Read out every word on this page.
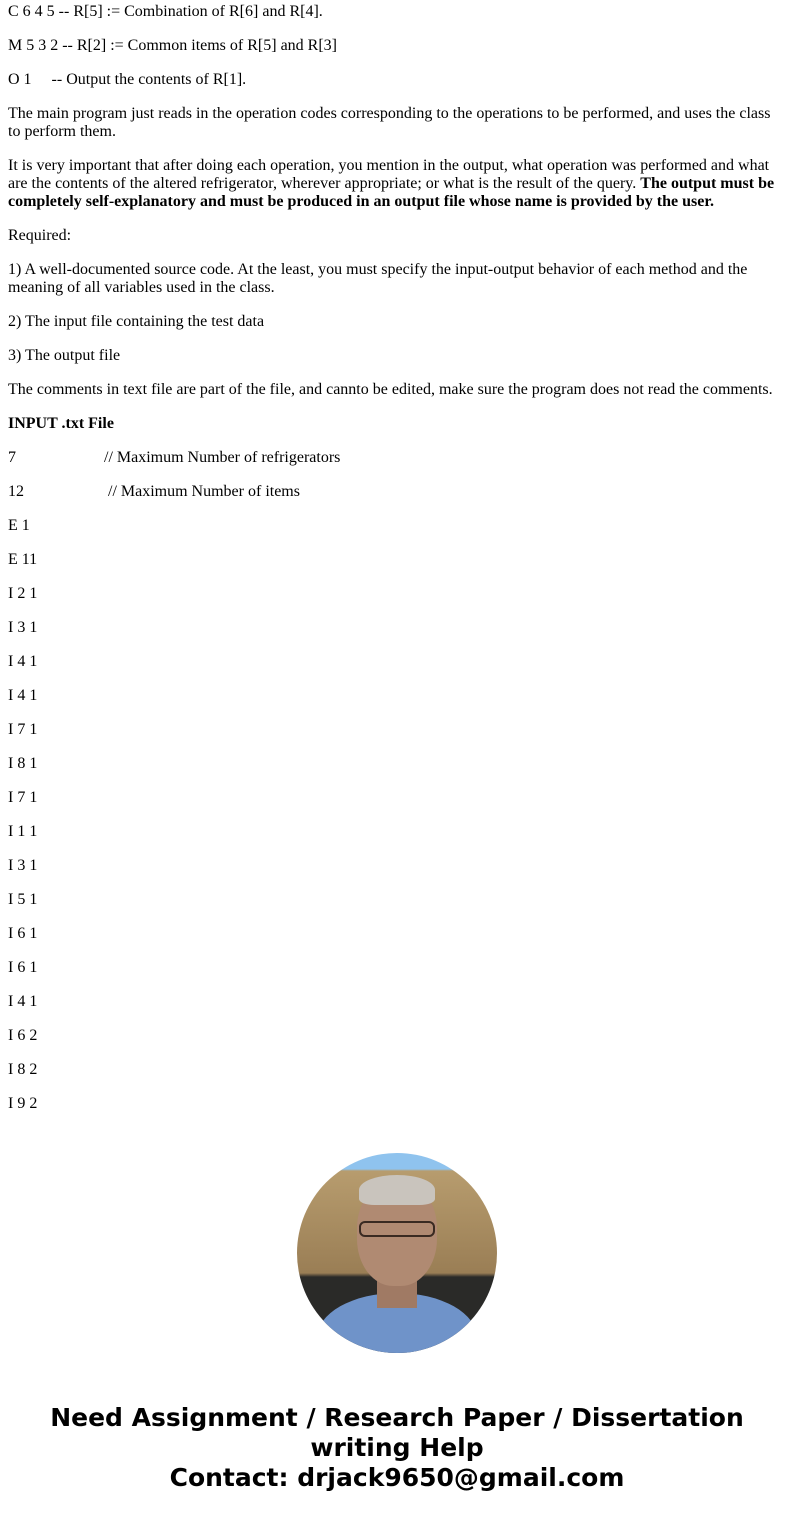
C 6 4 5 -- R[5] := Combination of R[6] and R[4].

M 5 3 2 -- R[2] := Common items of R[5] and R[3]

O 1     -- Output the contents of R[1].

The main program just reads in the operation codes corresponding to the operations to be performed, and uses the class to perform them.

It is very important that after doing each operation, you mention in the output, what operation was performed and what are the contents of the altered refrigerator, wherever appropriate; or what is the result of the query. The output must be completely self-explanatory and must be produced in an output file whose name is provided by the user.

Required:

1) A well-documented source code. At the least, you must specify the input-output behavior of each method and the meaning of all variables used in the class.

2) The input file containing the test data

3) The output file

The comments in text file are part of the file, and cannto be edited, make sure the program does not read the comments.

INPUT .txt File

7	// Maximum Number of refrigerators

12	// Maximum Number of items

E 1

E 11

I 2 1

I 3 1

I 4 1

I 4 1

I 7 1

I 8 1

I 7 1

I 1 1

I 3 1

I 5 1

I 6 1

I 6 1

I 4 1

I 6 2

I 8 2

I 9 2

Need Assignment / Research Paper / Dissertation
writing Help
Contact: drjack9650@gmail.com
